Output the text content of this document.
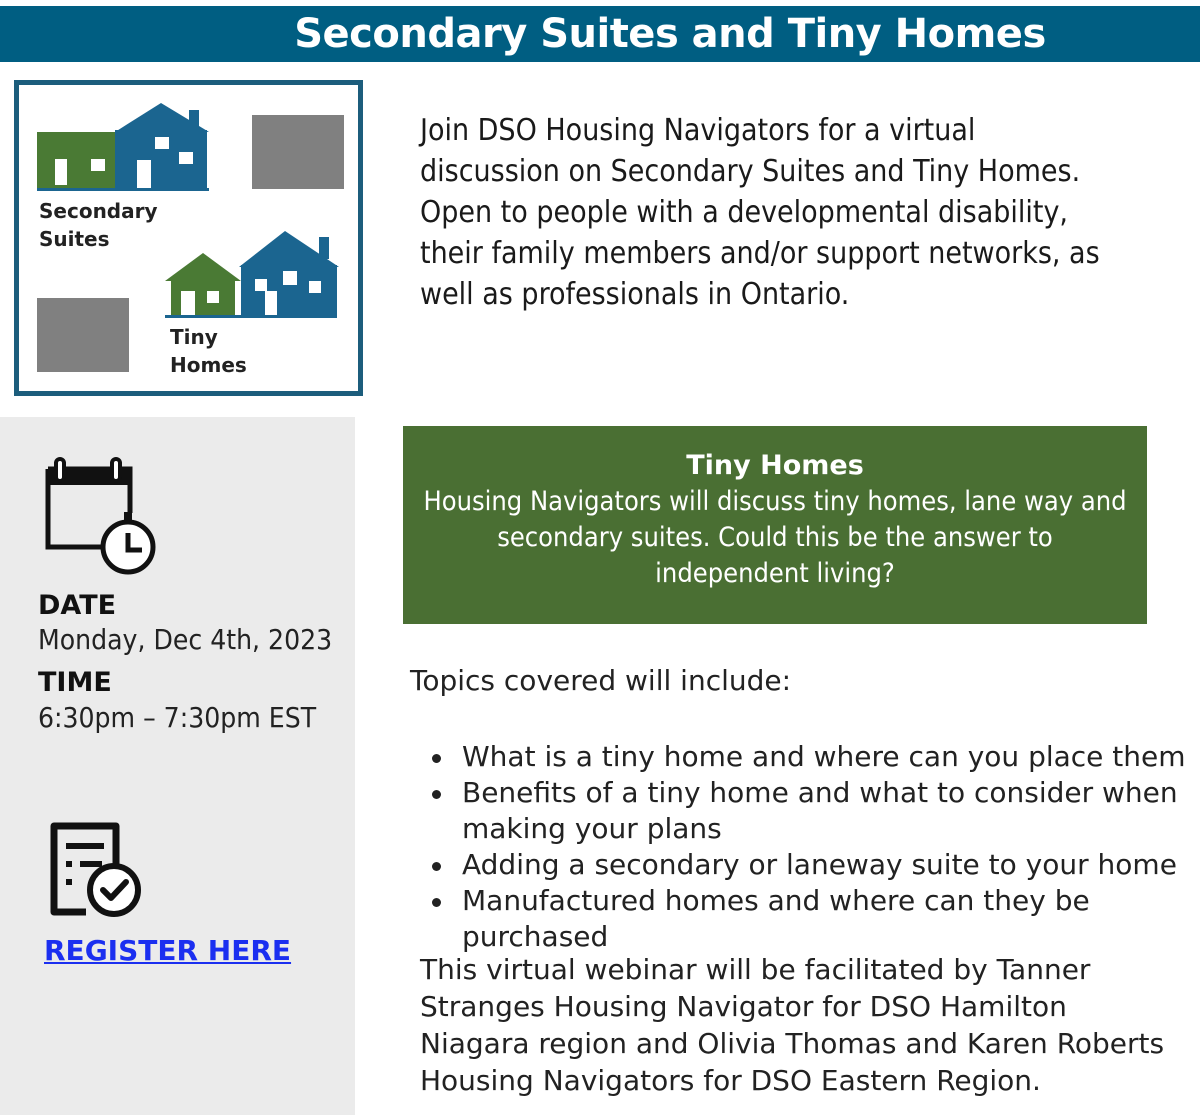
Secondary Suites and Tiny Homes
Secondary
Suites
Tiny
Homes
Join DSO Housing Navigators for a virtual discussion on Secondary Suites and Tiny Homes. Open to people with a developmental disability, their family members and/or support networks, as well as professionals in Ontario.
DATE
Monday, Dec 4th, 2023
TIME
6:30pm – 7:30pm EST
REGISTER HERE
Tiny Homes
Housing Navigators will discuss tiny homes, lane way and secondary suites. Could this be the answer to independent living?
Topics covered will include:
What is a tiny home and where can you place them
Benefits of a tiny home and what to consider when making your plans
Adding a secondary or laneway suite to your home
Manufactured homes and where can they be purchased
This virtual webinar will be facilitated by Tanner Stranges Housing Navigator for DSO Hamilton Niagara region and Olivia Thomas and Karen Roberts Housing Navigators for DSO Eastern Region.
